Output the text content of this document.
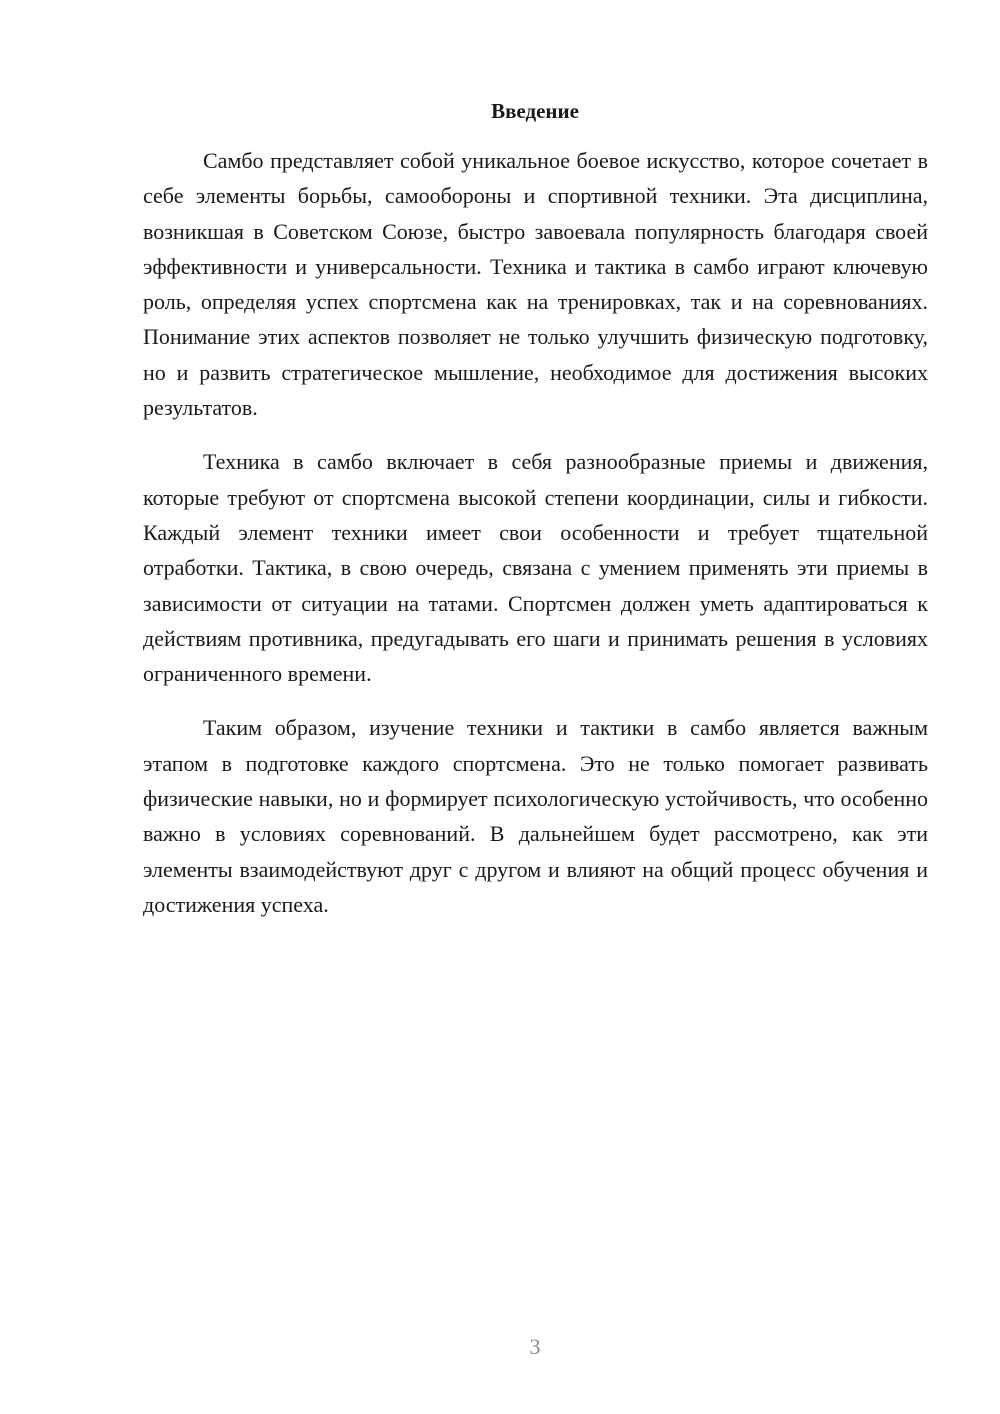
Введение

Самбо представляет собой уникальное боевое искусство, которое сочетает в себе элементы борьбы, самообороны и спортивной техники. Эта дисциплина, возникшая в Советском Союзе, быстро завоевала популярность благодаря своей эффективности и универсальности. Техника и тактика в самбо играют ключевую роль, определяя успех спортсмена как на тренировках, так и на соревнованиях. Понимание этих аспектов позволяет не только улучшить физическую подготовку, но и развить стратегическое мышление, необходимое для достижения высоких результатов.

Техника в самбо включает в себя разнообразные приемы и движения, которые требуют от спортсмена высокой степени координации, силы и гибкости. Каждый элемент техники имеет свои особенности и требует тщательной отработки. Тактика, в свою очередь, связана с умением применять эти приемы в зависимости от ситуации на татами. Спортсмен должен уметь адаптироваться к действиям противника, предугадывать его шаги и принимать решения в условиях ограниченного времени.

Таким образом, изучение техники и тактики в самбо является важным этапом в подготовке каждого спортсмена. Это не только помогает развивать физические навыки, но и формирует психологическую устойчивость, что особенно важно в условиях соревнований. В дальнейшем будет рассмотрено, как эти элементы взаимодействуют друг с другом и влияют на общий процесс обучения и достижения успеха.

3
